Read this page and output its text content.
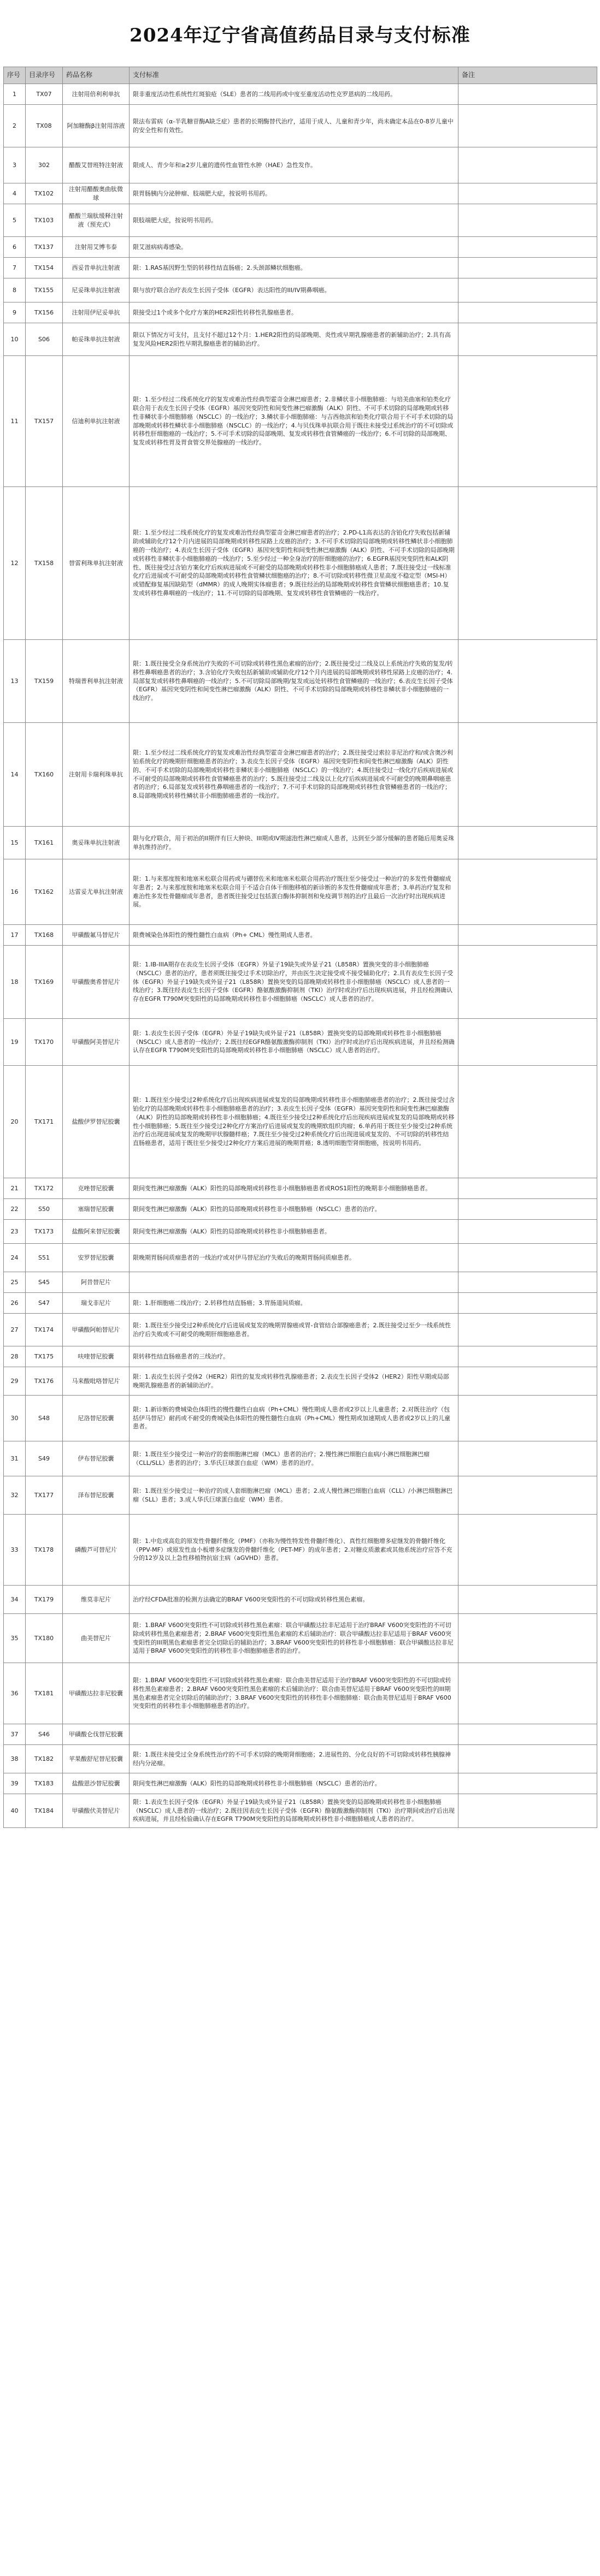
2024年辽宁省高值药品目录与支付标准
序号	目录序号	药品名称	支付标准	备注
1	TX07	注射用倍利利单抗	限非重度活动性系统性红斑狼疮（SLE）患者的二线用药或中度至重度活动性克罗恩病的二线用药。	
2	TX08	阿加糖酶β注射用溶液	限法布雷病（α-半乳糖苷酶A缺乏症）患者的长期酶替代治疗，适用于成人、儿童和青少年，尚未确定本品在0-8岁儿童中的安全性和有效性。	
3	302	醋酸艾替班特注射液	限成人、青少年和≥2岁儿童的遗传性血管性水肿（HAE）急性发作。	
4	TX102	注射用醋酸奥曲肽微球	限胃肠胰内分泌肿瘤、肢端肥大症，按说明书用药。	
5	TX103	醋酸兰瑞肽缓释注射液（预充式）	限肢端肥大症，按说明书用药。	
6	TX137	注射用艾博韦泰	限艾滋病病毒感染。	
7	TX154	西妥昔单抗注射液	限：1.RAS基因野生型的转移性结直肠癌；2.头颈部鳞状细胞癌。	
8	TX155	尼妥珠单抗注射液	限与放疗联合治疗表皮生长因子受体（EGFR）表达阳性的III/IV期鼻咽癌。	
9	TX156	注射用伊尼妥单抗	限接受过1个或多个化疗方案的HER2阳性转移性乳腺癌患者。	
10	S06	帕妥珠单抗注射液	限以下情况方可支付，且支付不超过12个月：1.HER2阳性的局部晚期、炎性或早期乳腺癌患者的新辅助治疗；2.具有高复发风险HER2阳性早期乳腺癌患者的辅助治疗。	
11	TX157	信迪利单抗注射液	限：1.至少经过二线系统化疗的复发或难治性经典型霍奇金淋巴瘤患者；2.非鳞状非小细胞肺癌：与培美曲塞和铂类化疗联合用于表皮生长因子受体（EGFR）基因突变阴性和间变性淋巴瘤激酶（ALK）阴性、不可手术切除的局部晚期或转移性非鳞状非小细胞肺癌（NSCLC）的一线治疗；3.鳞状非小细胞肺癌：与吉西他滨和铂类化疗联合用于不可手术切除的局部晚期或转移性鳞状非小细胞肺癌（NSCLC）的一线治疗；4.与贝伐珠单抗联合用于既往未接受过系统治疗的不可切除或转移性肝细胞癌的一线治疗；5.不可手术切除的局部晚期、复发或转移性食管鳞癌的一线治疗；6.不可切除的局部晚期、复发或转移性胃及胃食管交界处腺癌的一线治疗。	
12	TX158	替雷利珠单抗注射液	限：1.至少经过二线系统化疗的复发或难治性经典型霍奇金淋巴瘤患者的治疗；2.PD-L1高表达的含铂化疗失败包括新辅助或辅助化疗12个月内进展的局部晚期或转移性尿路上皮癌的治疗；3.不可手术切除的局部晚期或转移性鳞状非小细胞肺癌的一线治疗；4.表皮生长因子受体（EGFR）基因突变阴性和间变性淋巴瘤激酶（ALK）阴性、不可手术切除的局部晚期或转移性非鳞状非小细胞肺癌的一线治疗；5.至少经过一种全身治疗的肝细胞癌的治疗；6.EGFR基因突变阴性和ALK阴性、既往接受过含铂方案化疗后疾病进展或不可耐受的局部晚期或转移性非小细胞肺癌成人患者；7.既往接受过一线标准化疗后进展或不可耐受的局部晚期或转移性食管鳞状细胞癌的治疗；8.不可切除或转移性微卫星高度不稳定型（MSI-H）或错配修复基因缺陷型（dMMR）的成人晚期实体瘤患者；9.既往经治的局部晚期或转移性食管鳞状细胞癌患者；10.复发或转移性鼻咽癌的一线治疗；11.不可切除的局部晚期、复发或转移性食管鳞癌的一线治疗。	
13	TX159	特瑞普利单抗注射液	限：1.既往接受全身系统治疗失败的不可切除或转移性黑色素瘤的治疗；2.既往接受过二线及以上系统治疗失败的复发/转移性鼻咽癌患者的治疗；3.含铂化疗失败包括新辅助或辅助化疗12个月内进展的局部晚期或转移性尿路上皮癌的治疗；4.局部复发或转移性鼻咽癌的一线治疗；5.不可切除局部晚期/复发或远处转移性食管鳞癌的一线治疗；6.表皮生长因子受体（EGFR）基因突变阴性和间变性淋巴瘤激酶（ALK）阴性、不可手术切除的局部晚期或转移性非鳞状非小细胞肺癌的一线治疗。	
14	TX160	注射用卡瑞利珠单抗	限：1.至少经过二线系统化疗的复发或难治性经典型霍奇金淋巴瘤患者的治疗；2.既往接受过索拉非尼治疗和/或含奥沙利铂系统化疗的晚期肝细胞癌患者的治疗；3.表皮生长因子受体（EGFR）基因突变阴性和间变性淋巴瘤激酶（ALK）阴性的、不可手术切除的局部晚期或转移性非鳞状非小细胞肺癌（NSCLC）的一线治疗；4.既往接受过一线化疗后疾病进展或不可耐受的局部晚期或转移性食管鳞癌患者的治疗；5.既往接受过二线及以上化疗后疾病进展或不可耐受的晚期鼻咽癌患者的治疗；6.局部复发或转移性鼻咽癌患者的一线治疗；7.不可手术切除的局部晚期或转移性食管鳞癌患者的一线治疗；8.局部晚期或转移性鳞状非小细胞肺癌患者的一线治疗。	
15	TX161	奥妥珠单抗注射液	限与化疗联合，用于初治的II期伴有巨大肿块、III期或IV期滤泡性淋巴瘤成人患者，达到至少部分缓解的患者随后用奥妥珠单抗维持治疗。	
16	TX162	达雷妥尤单抗注射液	限：1.与来那度胺和地塞米松联合用药或与硼替佐米和地塞米松联合用药治疗既往至少接受过一种治疗的多发性骨髓瘤成年患者；2.与来那度胺和地塞米松联合用于不适合自体干细胞移植的新诊断的多发性骨髓瘤成年患者；3.单药治疗复发和难治性多发性骨髓瘤成年患者，患者既往接受过包括蛋白酶体抑制剂和免疫调节剂的治疗且最后一次治疗时出现疾病进展。	
17	TX168	甲磺酸氟马替尼片	限费城染色体阳性的慢性髓性白血病（Ph+ CML）慢性期成人患者。	
18	TX169	甲磺酸奥希替尼片	限：1.IB-IIIA期存在表皮生长因子受体（EGFR）外显子19缺失或外显子21（L858R）置换突变的非小细胞肺癌（NSCLC）患者的治疗，患者须既往接受过手术切除治疗，并由医生决定接受或不接受辅助化疗；2.具有表皮生长因子受体（EGFR）外显子19缺失或外显子21（L858R）置换突变的局部晚期或转移性非小细胞肺癌（NSCLC）成人患者的一线治疗；3.既往经表皮生长因子受体（EGFR）酪氨酸激酶抑制剂（TKI）治疗时或治疗后出现疾病进展，并且经检测确认存在EGFR T790M突变阳性的局部晚期或转移性非小细胞肺癌（NSCLC）成人患者的治疗。	
19	TX170	甲磺酸阿美替尼片	限：1.表皮生长因子受体（EGFR）外显子19缺失或外显子21（L858R）置换突变的局部晚期或转移性非小细胞肺癌（NSCLC）成人患者的一线治疗；2.既往经EGFR酪氨酸激酶抑制剂（TKI）治疗时或治疗后出现疾病进展，并且经检测确认存在EGFR T790M突变阳性的局部晚期或转移性非小细胞肺癌（NSCLC）成人患者的治疗。	
20	TX171	盐酸伊罗替尼胶囊	限：1.既往至少接受过2种系统化疗后出现疾病进展或复发的局部晚期或转移性非小细胞肺癌患者的治疗；2.既往接受过含铂化疗的局部晚期或转移性非小细胞肺癌患者的治疗；3.表皮生长因子受体（EGFR）基因突变阴性和间变性淋巴瘤激酶（ALK）阴性的局部晚期或转移性非小细胞肺癌；4.既往至少接受过2种系统化疗后出现疾病进展或复发的局部晚期或转移性小细胞肺癌；5.既往至少接受过2种化疗方案治疗后进展或复发的晚期软组织肉瘤；6.单药用于既往至少接受过2种系统治疗后出现进展或复发的晚期甲状腺髓样癌；7.既往至少接受过2种系统化疗后出现进展或复发的、不可切除的转移性结直肠癌患者，适用于既往至少接受过2种化疗方案后进展的晚期胃癌；8.透明细胞型肾细胞癌，按说明书用药。	
21	TX172	克唑替尼胶囊	限间变性淋巴瘤激酶（ALK）阳性的局部晚期或转移性非小细胞肺癌患者或ROS1阳性的晚期非小细胞肺癌患者。	
22	S50	塞瑞替尼胶囊	限间变性淋巴瘤激酶（ALK）阳性的局部晚期或转移性非小细胞肺癌（NSCLC）患者的治疗。	
23	TX173	盐酸阿来替尼胶囊	限间变性淋巴瘤激酶（ALK）阳性的局部晚期或转移性非小细胞肺癌患者。	
24	S51	安罗替尼胶囊	限晚期胃肠间质瘤患者的一线治疗或对伊马替尼治疗失败后的晚期胃肠间质瘤患者。	
25	S45	阿昔替尼片		
26	S47	瑞戈非尼片	限：1.肝细胞癌二线治疗；2.转移性结直肠癌；3.胃肠道间质瘤。	
27	TX174	甲磺酸阿帕替尼片	限：1.既往至少接受过2种系统化疗后进展或复发的晚期胃腺癌或胃-食管结合部腺癌患者；2.既往接受过至少一线系统性治疗后失败或不可耐受的晚期肝细胞癌患者。	
28	TX175	呋喹替尼胶囊	限转移性结直肠癌患者的三线治疗。	
29	TX176	马来酸吡咯替尼片	限：1.表皮生长因子受体2（HER2）阳性的复发或转移性乳腺癌患者；2.表皮生长因子受体2（HER2）阳性早期或局部晚期乳腺癌患者的新辅助治疗。	
30	S48	尼洛替尼胶囊	限：1.新诊断的费城染色体阳性的慢性髓性白血病（Ph+CML）慢性期成人患者或2岁以上儿童患者；2.对既往治疗（包括伊马替尼）耐药或不耐受的费城染色体阳性的慢性髓性白血病（Ph+CML）慢性期或加速期成人患者或2岁以上的儿童患者。	
31	S49	伊布替尼胶囊	限：1.既往至少接受过一种治疗的套细胞淋巴瘤（MCL）患者的治疗；2.慢性淋巴细胞白血病/小淋巴细胞淋巴瘤（CLL/SLL）患者的治疗；3.华氏巨球蛋白血症（WM）患者的治疗。	
32	TX177	泽布替尼胶囊	限：1.既往至少接受过一种治疗的成人套细胞淋巴瘤（MCL）患者；2.成人慢性淋巴细胞白血病（CLL）/小淋巴细胞淋巴瘤（SLL）患者；3.成人华氏巨球蛋白血症（WM）患者。	
33	TX178	磷酸芦可替尼片	限：1.中危或高危的原发性骨髓纤维化（PMF）（亦称为慢性特发性骨髓纤维化）、真性红细胞增多症继发的骨髓纤维化（PPV-MF）或原发性血小板增多症继发的骨髓纤维化（PET-MF）的成年患者；2.对糖皮质激素或其他系统治疗应答不充分的12岁及以上急性移植物抗宿主病（aGVHD）患者。	
34	TX179	维莫非尼片	治疗经CFDA批准的检测方法确定的BRAF V600突变阳性的不可切除或转移性黑色素瘤。	
35	TX180	曲美替尼片	限：1.BRAF V600突变阳性不可切除或转移性黑色素瘤：联合甲磺酸达拉非尼适用于治疗BRAF V600突变阳性的不可切除或转移性黑色素瘤患者；2.BRAF V600突变阳性黑色素瘤的术后辅助治疗：联合甲磺酸达拉非尼适用于BRAF V600突变阳性的III期黑色素瘤患者完全切除后的辅助治疗；3.BRAF V600突变阳性的转移性非小细胞肺癌：联合甲磺酸达拉非尼适用于BRAF V600突变阳性的转移性非小细胞肺癌患者的治疗。	
36	TX181	甲磺酸达拉非尼胶囊	限：1.BRAF V600突变阳性不可切除或转移性黑色素瘤：联合曲美替尼适用于治疗BRAF V600突变阳性的不可切除或转移性黑色素瘤患者；2.BRAF V600突变阳性黑色素瘤的术后辅助治疗：联合曲美替尼适用于BRAF V600突变阳性的III期黑色素瘤患者完全切除后的辅助治疗；3.BRAF V600突变阳性的转移性非小细胞肺癌：联合曲美替尼适用于BRAF V600突变阳性的转移性非小细胞肺癌患者的治疗。	
37	S46	甲磺酸仑伐替尼胶囊		
38	TX182	苹果酸舒尼替尼胶囊	限：1.既往未接受过全身系统性治疗的不可手术切除的晚期肾细胞癌；2.进展性的、分化良好的不可切除或转移性胰腺神经内分泌瘤。	
39	TX183	盐酸恩沙替尼胶囊	限间变性淋巴瘤激酶（ALK）阳性的局部晚期或转移性非小细胞肺癌（NSCLC）患者的治疗。	
40	TX184	甲磺酸伏美替尼片	限：1.表皮生长因子受体（EGFR）外显子19缺失或外显子21（L858R）置换突变的局部晚期或转移性非小细胞肺癌（NSCLC）成人患者的一线治疗；2.既往因表皮生长因子受体（EGFR）酪氨酸激酶抑制剂（TKI）治疗期间或治疗后出现疾病进展，并且经检验确认存在EGFR T790M突变阳性的局部晚期或转移性非小细胞肺癌成人患者的治疗。	
